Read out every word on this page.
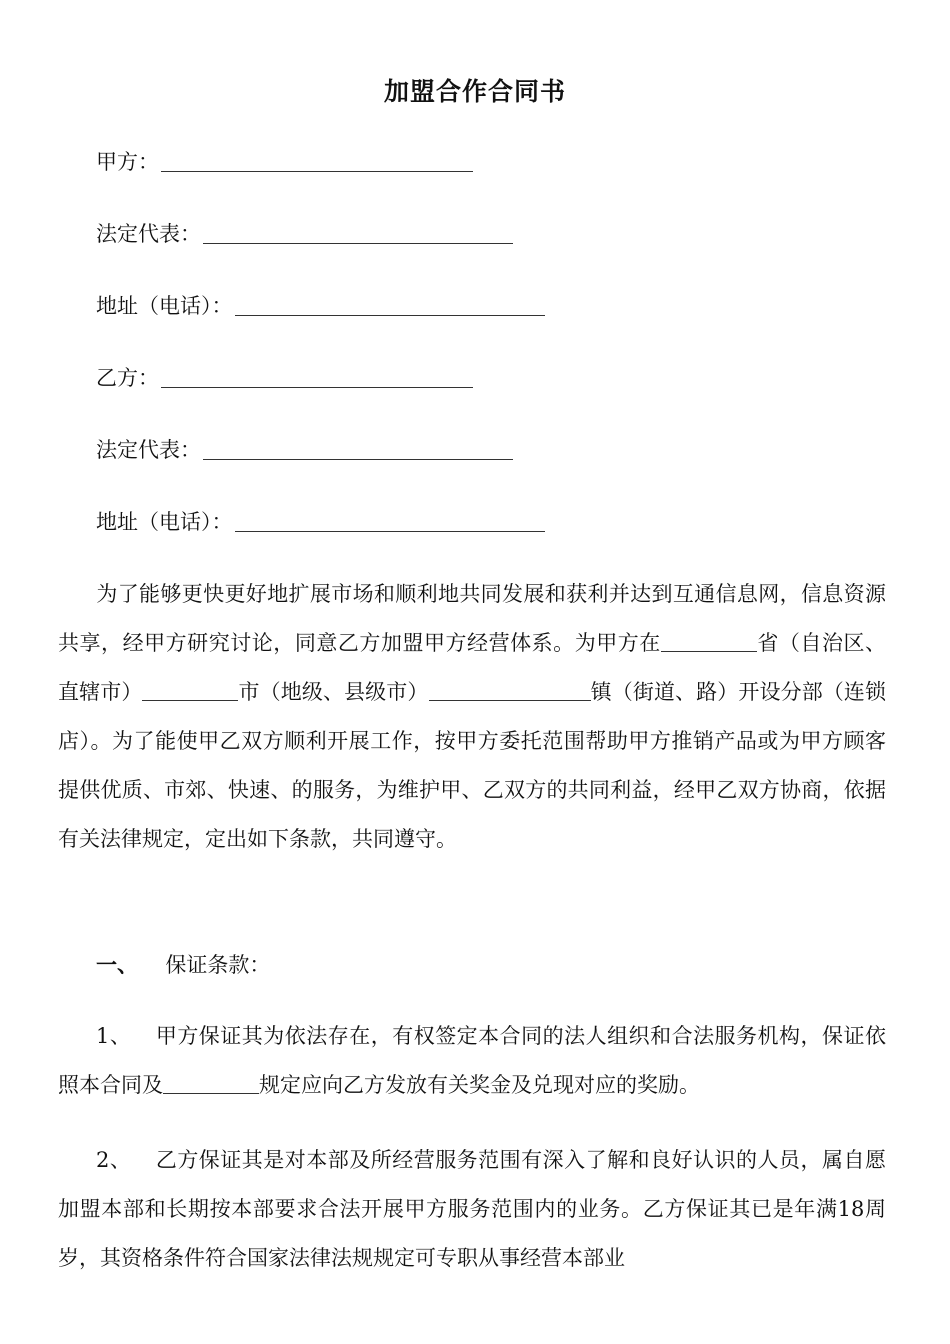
加盟合作合同书
甲方：
法定代表：
地址（电话）：
乙方：
法定代表：
地址（电话）：
为了能够更快更好地扩展市场和顺利地共同发展和获利并达到互通信息网，信息资源共享，经甲方研究讨论，同意乙方加盟甲方经营体系。为甲方在	省（自治区、直辖市）	市（地级、县级市）	镇（街道、路）开设分部（连锁店）。为了能使甲乙双方顺利开展工作，按甲方委托范围帮助甲方推销产品或为甲方顾客提供优质、市郊、快速、的服务，为维护甲、乙双方的共同利益，经甲乙双方协商，依据有关法律规定，定出如下条款，共同遵守。
一、 保证条款：
1、 甲方保证其为依法存在，有权签定本合同的法人组织和合法服务机构，保证依照本合同及	规定应向乙方发放有关奖金及兑现对应的奖励。
2、 乙方保证其是对本部及所经营服务范围有深入了解和良好认识的人员，属自愿加盟本部和长期按本部要求合法开展甲方服务范围内的业务。乙方保证其已是年满18周岁，其资格条件符合国家法律法规规定可专职从事经营本部业
